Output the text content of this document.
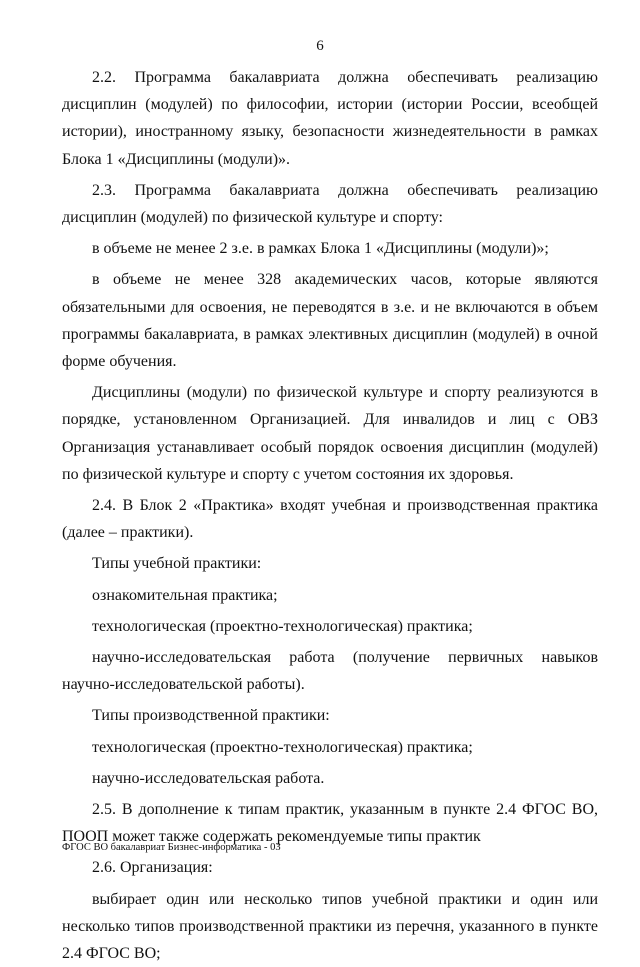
6

2.2. Программа бакалавриата должна обеспечивать реализацию дисциплин (модулей) по философии, истории (истории России, всеобщей истории), иностранному языку, безопасности жизнедеятельности в рамках Блока 1 «Дисциплины (модули)».

2.3. Программа бакалавриата должна обеспечивать реализацию дисциплин (модулей) по физической культуре и спорту:

в объеме не менее 2 з.е. в рамках Блока 1 «Дисциплины (модули)»;

в объеме не менее 328 академических часов, которые являются обязательными для освоения, не переводятся в з.е. и не включаются в объем программы бакалавриата, в рамках элективных дисциплин (модулей) в очной форме обучения.

Дисциплины (модули) по физической культуре и спорту реализуются в порядке, установленном Организацией. Для инвалидов и лиц с ОВЗ Организация устанавливает особый порядок освоения дисциплин (модулей) по физической культуре и спорту с учетом состояния их здоровья.

2.4. В Блок 2 «Практика» входят учебная и производственная практика (далее – практики).

Типы учебной практики:

ознакомительная практика;

технологическая (проектно-технологическая) практика;

научно-исследовательская работа (получение первичных навыков

научно-исследовательской работы).

Типы производственной практики:

технологическая (проектно-технологическая) практика;

научно-исследовательская работа.

2.5. В дополнение к типам практик, указанным в пункте 2.4 ФГОС ВО, ПООП может также содержать рекомендуемые типы практик

2.6. Организация:

выбирает один или несколько типов учебной практики и один или несколько типов производственной практики из перечня, указанного в пункте 2.4 ФГОС ВО;

ФГОС ВО бакалавриат Бизнес-информатика - 03
